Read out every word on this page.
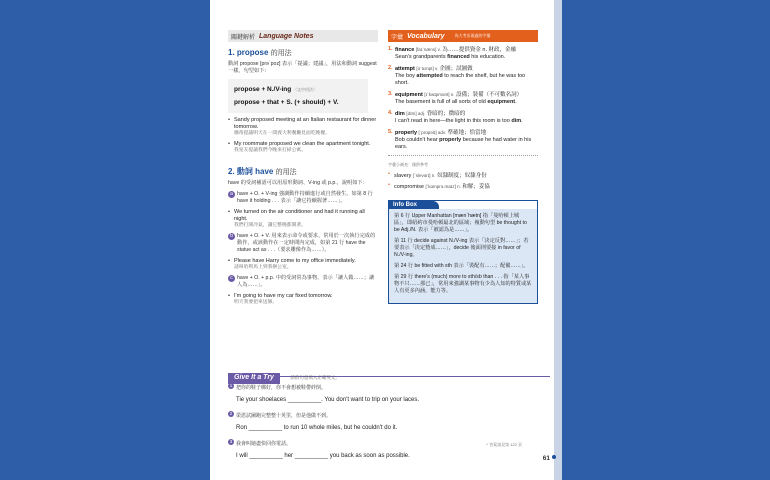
關鍵解析 Language Notes
1. propose 的用法
動詞 propose [prəˋpoz] 表示「提議；建議」，用法和動詞 suggest 一樣，句型如下：
propose + N./V-ing （文中用法）
propose + that + S. (+ should) + V.
• Sandy proposed meeting at an Italian restaurant for dinner tomorrow.
珊蒂提議明天在一間義大利餐廳見面吃晚餐。
• My roommate proposed we clean the apartment tonight.
我室友提議我們今晚來打掃公寓。
2. 動詞 have 的用法
have 的受詞補語可以用原形動詞、V-ing 或 p.p.，說明如下：
a have + O. + V-ing 強調動作持續進行或自然發生，如第 8 行 have it holding . . . 表示「讓它持續握著……」。
• We turned on the air conditioner and had it running all night.
我們打開冷氣，讓它整晚都開著。
b have + O. + V. 用來表示命令或要求，常用於一次執行完成的動作，或該動作在一定時間內完成，如第 21 行 have the statue act as . . .（要求雕像作為……）。
• Please have Harry come to my office immediately.
請叫哈利馬上到我辦公室。
c have + O. + p.p. 中的受詞常為事物，表示「讓人做……；讓人為……」。
• I'm going to have my car fixed tomorrow.
明天我要把車送修。
字彙 Vocabulary	為大考出現過的字彙
1. finance [faɪˋnæns] v. 為……提供資金 n. 財政，金融
Sean's grandparents financed his education.
2. attempt [əˋtɛmpt] v. 企圖；試圖做
The boy attempted to reach the shelf, but he was too short.
3. equipment [ɪˋkwɪpmənt] n. 設備；裝備（不可數名詞）
The basement is full of all sorts of old equipment.
4. dim [dɪm] adj. 昏暗的；微暗的
I can't read in here—the light in this room is too dim.
5. properly [ˋprɑpəlɪ] adv. 準確地；恰當地
Bob couldn't hear properly because he had water in his ears.
字彙小補充：僅供參考
• slavery [ˋslevərɪ] n. 奴隸制度；奴隸身份
• compromise [ˋkɑmprə.maɪz] n. 和解；妥協
Info Box
第 6 行 Upper Manhattan [mænˋhætn] 指「曼哈頓上城區」，即紐約市曼哈頓最北的區域；複動句型 be thought to be Adj./N. 表示「被認為是……」。
第 11 行 decide against N./V-ing 表示「決定反對……」；若要表示「決定贊成……」，decide 後面則要接 in favor of N./V-ing。
第 24 行 be fitted with sth 表示「裝配有……；配備……」。
第 29 行 there's (much) more to sth/sb than . . . 指「某人事物不只……那已」，常用來強調某事物有少為人知的特質或某人有更多內涵，能力等。
Give It a Try	請依句意填入正確英文。
1 把你的鞋子綁好，你不會想被鞋帶絆倒。
Tie your shoelaces __________. You don't want to trip on your laces.
2 榮恩試圖跑完整整十英里，但是他做不到。
Ron __________ to run 10 whole miles, but he couldn't do it.
3 我會叫她盡快回你電話。
I will __________ her __________ you back as soon as possible.
* 答案請見第 122 頁
61
